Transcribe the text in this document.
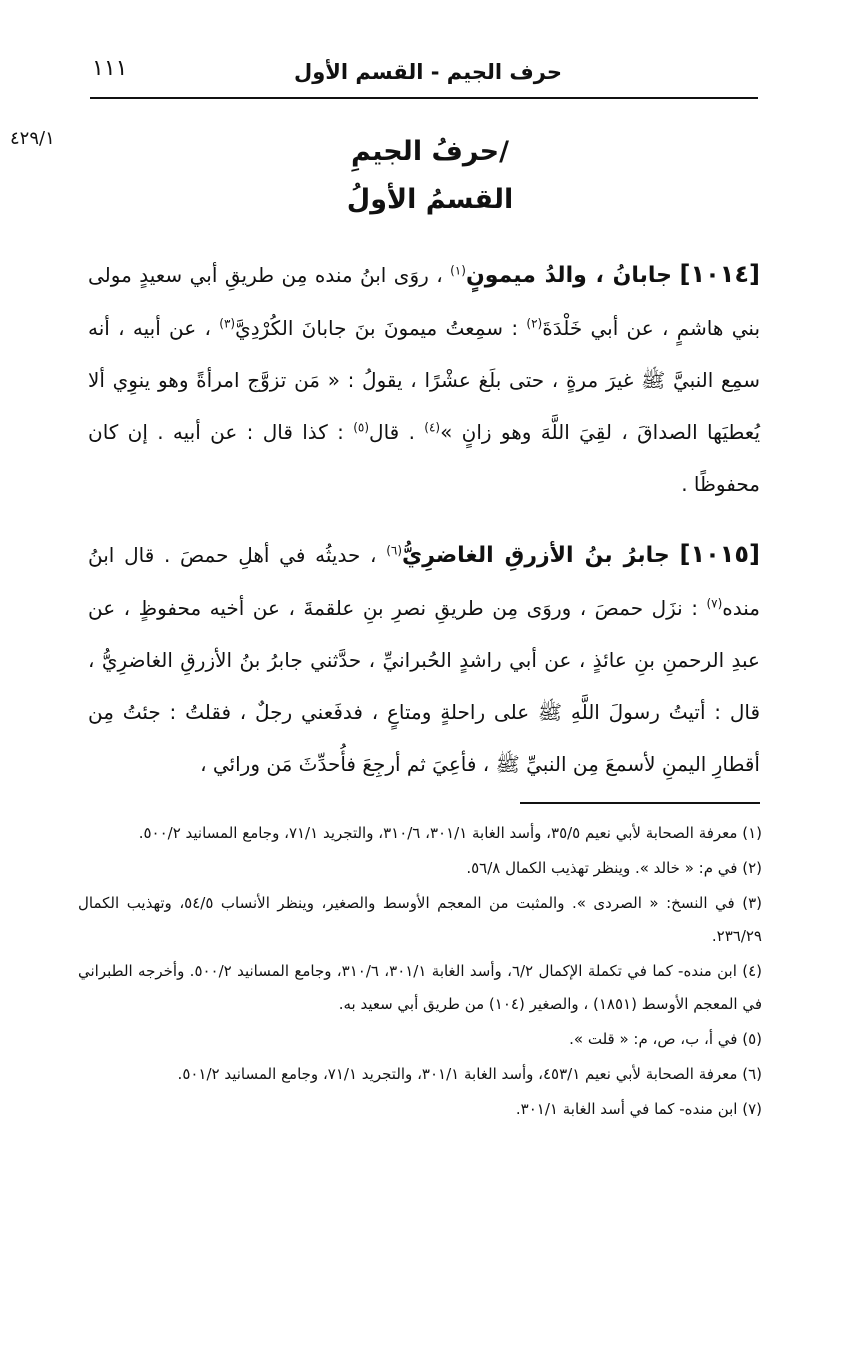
حرف الجيم - القسم الأول
١١١
٤٢٩/١	/حرفُ الجيمِ
القسمُ الأولُ

[١٠١٤] جابانُ ، والدُ ميمونٍ$^{(١)}$ ، روَى ابنُ منده مِن طريقِ أبي سعيدٍ مولى بني هاشمٍ ، عن أبي خَلْدَةَ$^{(٢)}$ : سمِعتُ ميمونَ بنَ جابانَ الكُرْدِيَّ$^{(٣)}$ ، عن أبيه ، أنه سمِع النبيَّ ﷺ غيرَ مرةٍ ، حتى بلَغ عشْرًا ، يقولُ : « مَن تزوَّج امرأةً وهو ينوِي ألا يُعطيَها الصداقَ ، لقِيَ اللَّهَ وهو زانٍ »$^{(٤)}$ . قال$^{(٥)}$ : كذا قال : عن أبيه . إن كان محفوظًا .

[١٠١٥] جابرُ بنُ الأزرقِ الغاضرِيُّ$^{(٦)}$ ، حديثُه في أهلِ حمصَ . قال ابنُ منده$^{(٧)}$ : نزَل حمصَ ، وروَى مِن طريقِ نصرِ بنِ علقمةَ ، عن أخيه محفوظٍ ، عن عبدِ الرحمنِ بنِ عائذٍ ، عن أبي راشدٍ الحُبرانيِّ ، حدَّثني جابرُ بنُ الأزرقِ الغاضرِيُّ ، قال : أتيتُ رسولَ اللَّهِ ﷺ على راحلةٍ ومتاعٍ ، فدفَعني رجلٌ ، فقلتُ : جئتُ مِن أقطارِ اليمنِ لأسمعَ مِن النبيِّ ﷺ ، فأعِيَ ثم أرجِعَ فأُحدِّثَ مَن ورائي ،

(١) معرفة الصحابة لأبي نعيم ٣٥/٥، وأسد الغابة ٣٠١/١، ٣١٠/٦، والتجريد ٧١/١، وجامع المسانيد ٥٠٠/٢.

(٢) في م: « خالد ». وينظر تهذيب الكمال ٥٦/٨.

(٣) في النسخ: « الصردى ». والمثبت من المعجم الأوسط والصغير، وينظر الأنساب ٥٤/٥، وتهذيب الكمال ٢٣٦/٢٩.

(٤) ابن منده- كما في تكملة الإكمال ٦/٢، وأسد الغابة ٣٠١/١، ٣١٠/٦، وجامع المسانيد ٥٠٠/٢. وأخرجه الطبراني في المعجم الأوسط (١٨٥١) ، والصغير (١٠٤) من طريق أبي سعيد به.

(٥) في أ، ب، ص، م: « قلت ».

(٦) معرفة الصحابة لأبي نعيم ٤٥٣/١، وأسد الغابة ٣٠١/١، والتجريد ٧١/١، وجامع المسانيد ٥٠١/٢.

(٧) ابن منده- كما في أسد الغابة ٣٠١/١.
